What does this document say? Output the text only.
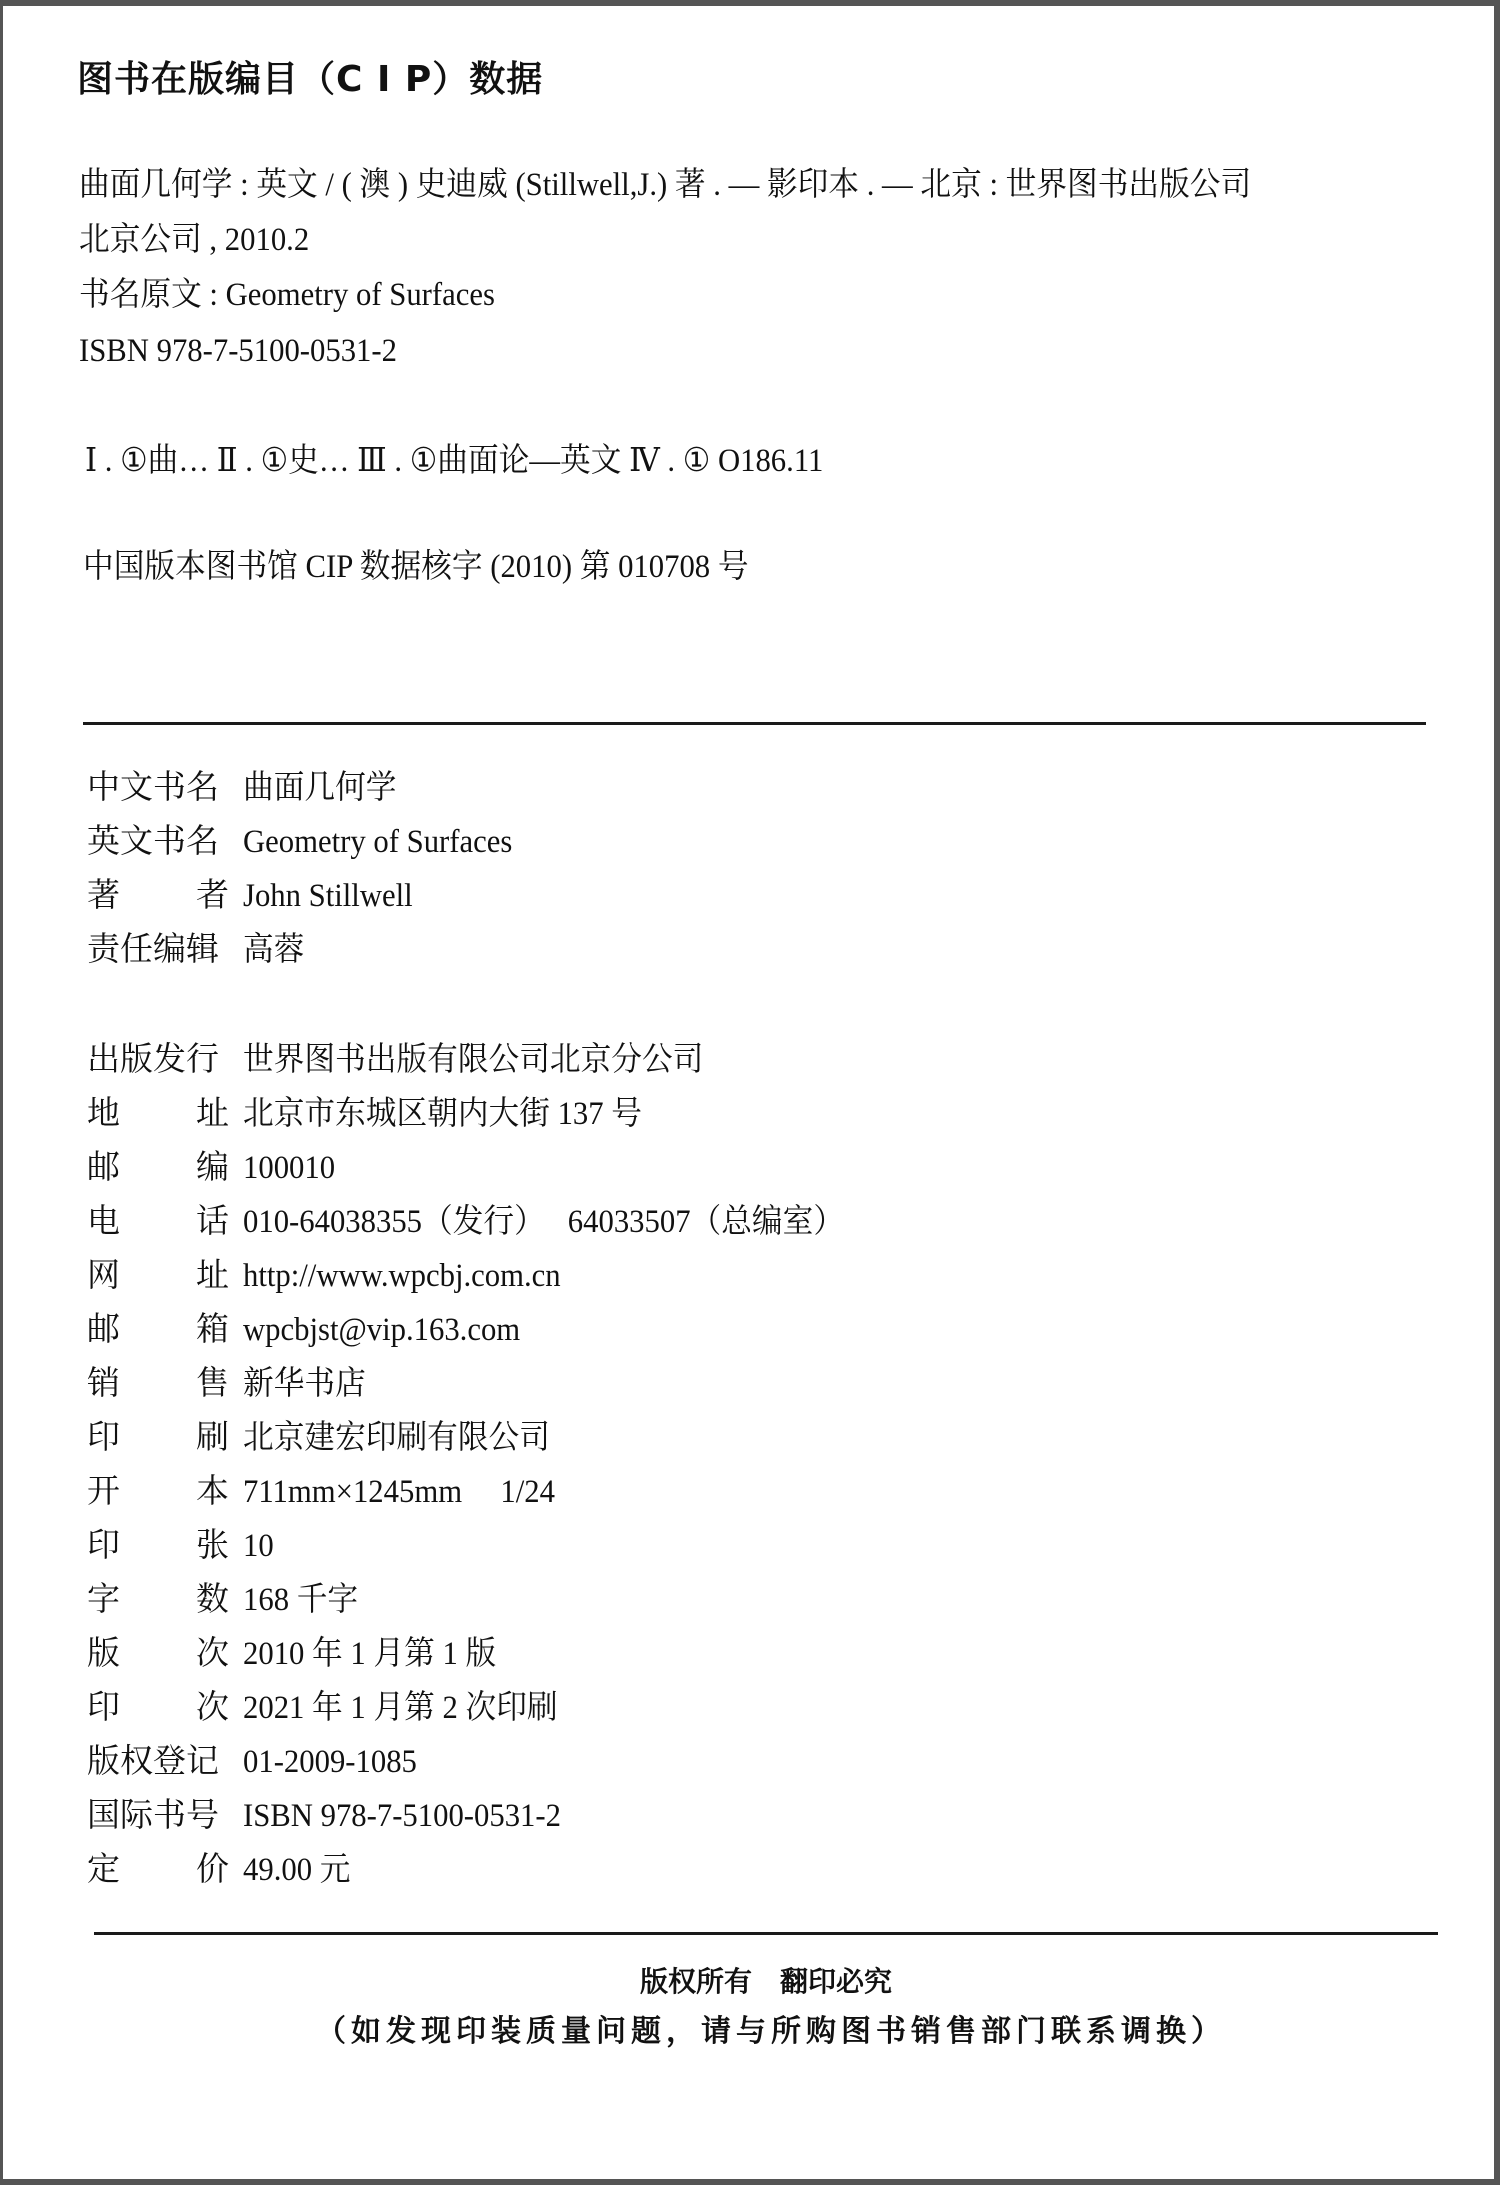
图书在版编目（C I P）数据
曲面几何学 : 英文 / ( 澳 ) 史迪威 (Stillwell,J.) 著 . — 影印本 . — 北京 : 世界图书出版公司
北京公司 , 2010.2
书名原文 : Geometry of Surfaces
ISBN 978-7-5100-0531-2
Ⅰ . ①曲… Ⅱ . ①史… Ⅲ . ①曲面论—英文 Ⅳ . ① O186.11
中国版本图书馆 CIP 数据核字 (2010) 第 010708 号
中文书名 曲面几何学
英文书名 Geometry of Surfaces
著 者 John Stillwell
责任编辑 高蓉
出版发行 世界图书出版有限公司北京分公司
地 址 北京市东城区朝内大街 137 号
邮 编 100010
电 话 010-64038355（发行）　 64033507（总编室）
网 址 http://www.wpcbj.com.cn
邮 箱 wpcbjst@vip.163.com
销 售 新华书店
印 刷 北京建宏印刷有限公司
开 本 711mm×1245mm　 1/24
印 张 10
字 数 168 千字
版 次 2010 年 1 月第 1 版
印 次 2021 年 1 月第 2 次印刷
版权登记 01-2009-1085
国际书号 ISBN 978-7-5100-0531-2
定 价 49.00 元
版权所有　翻印必究
（如发现印装质量问题，请与所购图书销售部门联系调换）
